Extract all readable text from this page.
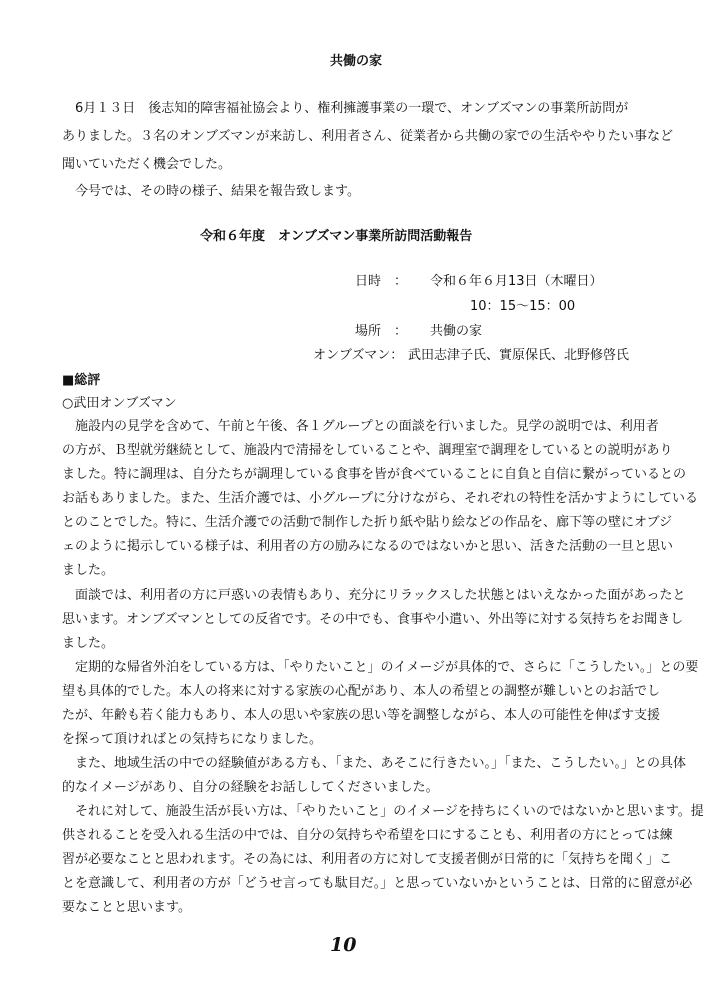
共働の家
　6月１３日　後志知的障害福祉協会より、権利擁護事業の一環で、オンブズマンの事業所訪問が
ありました。３名のオンブズマンが来訪し、利用者さん、従業者から共働の家での生活ややりたい事など
聞いていただく機会でした。
　今号では、その時の様子、結果を報告致します。
令和６年度　オンブズマン事業所訪問活動報告
日時　： 令和６年６月13日（木曜日）
10：15～15：00
場所　： 共働の家
オンブズマン： 武田志津子氏、實原保氏、北野修啓氏
■総評
○武田オンブズマン
　施設内の見学を含めて、午前と午後、各１グループとの面談を行いました。見学の説明では、利用者
の方が、Ｂ型就労継続として、施設内で清掃をしていることや、調理室で調理をしているとの説明があり
ました。特に調理は、自分たちが調理している食事を皆が食べていることに自負と自信に繋がっているとの
お話もありました。また、生活介護では、小グループに分けながら、それぞれの特性を活かすようにしている
とのことでした。特に、生活介護での活動で制作した折り紙や貼り絵などの作品を、廊下等の壁にオブジ
ェのように掲示している様子は、利用者の方の励みになるのではないかと思い、活きた活動の一旦と思い
ました。
　面談では、利用者の方に戸惑いの表情もあり、充分にリラックスした状態とはいえなかった面があったと
思います。オンブズマンとしての反省です。その中でも、食事や小遣い、外出等に対する気持ちをお聞きし
ました。
　定期的な帰省外泊をしている方は、「やりたいこと」のイメージが具体的で、さらに「こうしたい。」との要
望も具体的でした。本人の将来に対する家族の心配があり、本人の希望との調整が難しいとのお話でし
たが、年齢も若く能力もあり、本人の思いや家族の思い等を調整しながら、本人の可能性を伸ばす支援
を探って頂ければとの気持ちになりました。
　また、地域生活の中での経験値がある方も、「また、あそこに行きたい。」「また、こうしたい。」との具体
的なイメージがあり、自分の経験をお話ししてくださいました。
　それに対して、施設生活が長い方は、「やりたいこと」のイメージを持ちにくいのではないかと思います。提
供されることを受入れる生活の中では、自分の気持ちや希望を口にすることも、利用者の方にとっては練
習が必要なことと思われます。その為には、利用者の方に対して支援者側が日常的に「気持ちを聞く」こ
とを意識して、利用者の方が「どうせ言っても駄目だ。」と思っていないかということは、日常的に留意が必
要なことと思います。
10
